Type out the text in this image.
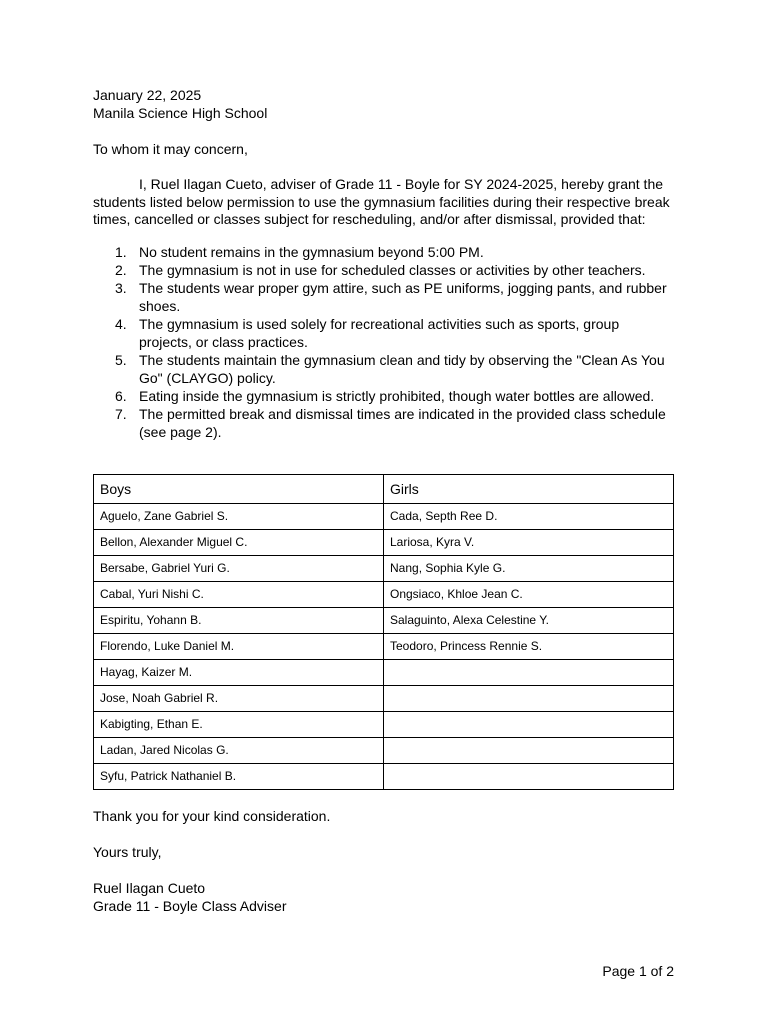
January 22, 2025

Manila Science High School

To whom it may concern,

I, Ruel Ilagan Cueto, adviser of Grade 11 - Boyle for SY 2024-2025, hereby grant the students listed below permission to use the gymnasium facilities during their respective break times, cancelled or classes subject for rescheduling, and/or after dismissal, provided that:

1. No student remains in the gymnasium beyond 5:00 PM.
2. The gymnasium is not in use for scheduled classes or activities by other teachers.
3. The students wear proper gym attire, such as PE uniforms, jogging pants, and rubber shoes.
4. The gymnasium is used solely for recreational activities such as sports, group projects, or class practices.
5. The students maintain the gymnasium clean and tidy by observing the "Clean As You Go" (CLAYGO) policy.
6. Eating inside the gymnasium is strictly prohibited, though water bottles are allowed.
7. The permitted break and dismissal times are indicated in the provided class schedule (see page 2).
Boys	Girls
Aguelo, Zane Gabriel S.	Cada, Septh Ree D.
Bellon, Alexander Miguel C.	Lariosa, Kyra V.
Bersabe, Gabriel Yuri G.	Nang, Sophia Kyle G.
Cabal, Yuri Nishi C.	Ongsiaco, Khloe Jean C.
Espiritu, Yohann B.	Salaguinto, Alexa Celestine Y.
Florendo, Luke Daniel M.	Teodoro, Princess Rennie S.
Hayag, Kaizer M.	
Jose, Noah Gabriel R.	
Kabigting, Ethan E.	
Ladan, Jared Nicolas G.	
Syfu, Patrick Nathaniel B.	

Thank you for your kind consideration.

Yours truly,

Ruel Ilagan Cueto

Grade 11 - Boyle Class Adviser

Page 1 of 2
